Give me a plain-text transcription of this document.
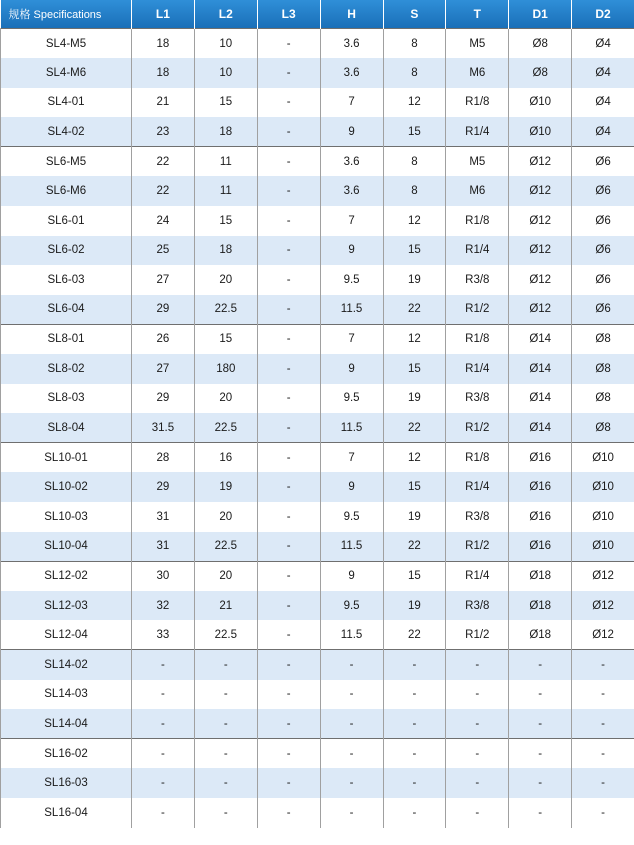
规格 Specifications	L1	L2	L3	H	S	T	D1	D2
SL4-M5	18	10	-	3.6	8	M5	Ø8	Ø4
SL4-M6	18	10	-	3.6	8	M6	Ø8	Ø4
SL4-01	21	15	-	7	12	R1/8	Ø10	Ø4
SL4-02	23	18	-	9	15	R1/4	Ø10	Ø4
SL6-M5	22	11	-	3.6	8	M5	Ø12	Ø6
SL6-M6	22	11	-	3.6	8	M6	Ø12	Ø6
SL6-01	24	15	-	7	12	R1/8	Ø12	Ø6
SL6-02	25	18	-	9	15	R1/4	Ø12	Ø6
SL6-03	27	20	-	9.5	19	R3/8	Ø12	Ø6
SL6-04	29	22.5	-	11.5	22	R1/2	Ø12	Ø6
SL8-01	26	15	-	7	12	R1/8	Ø14	Ø8
SL8-02	27	180	-	9	15	R1/4	Ø14	Ø8
SL8-03	29	20	-	9.5	19	R3/8	Ø14	Ø8
SL8-04	31.5	22.5	-	11.5	22	R1/2	Ø14	Ø8
SL10-01	28	16	-	7	12	R1/8	Ø16	Ø10
SL10-02	29	19	-	9	15	R1/4	Ø16	Ø10
SL10-03	31	20	-	9.5	19	R3/8	Ø16	Ø10
SL10-04	31	22.5	-	11.5	22	R1/2	Ø16	Ø10
SL12-02	30	20	-	9	15	R1/4	Ø18	Ø12
SL12-03	32	21	-	9.5	19	R3/8	Ø18	Ø12
SL12-04	33	22.5	-	11.5	22	R1/2	Ø18	Ø12
SL14-02	-	-	-	-	-	-	-	-
SL14-03	-	-	-	-	-	-	-	-
SL14-04	-	-	-	-	-	-	-	-
SL16-02	-	-	-	-	-	-	-	-
SL16-03	-	-	-	-	-	-	-	-
SL16-04	-	-	-	-	-	-	-	-
